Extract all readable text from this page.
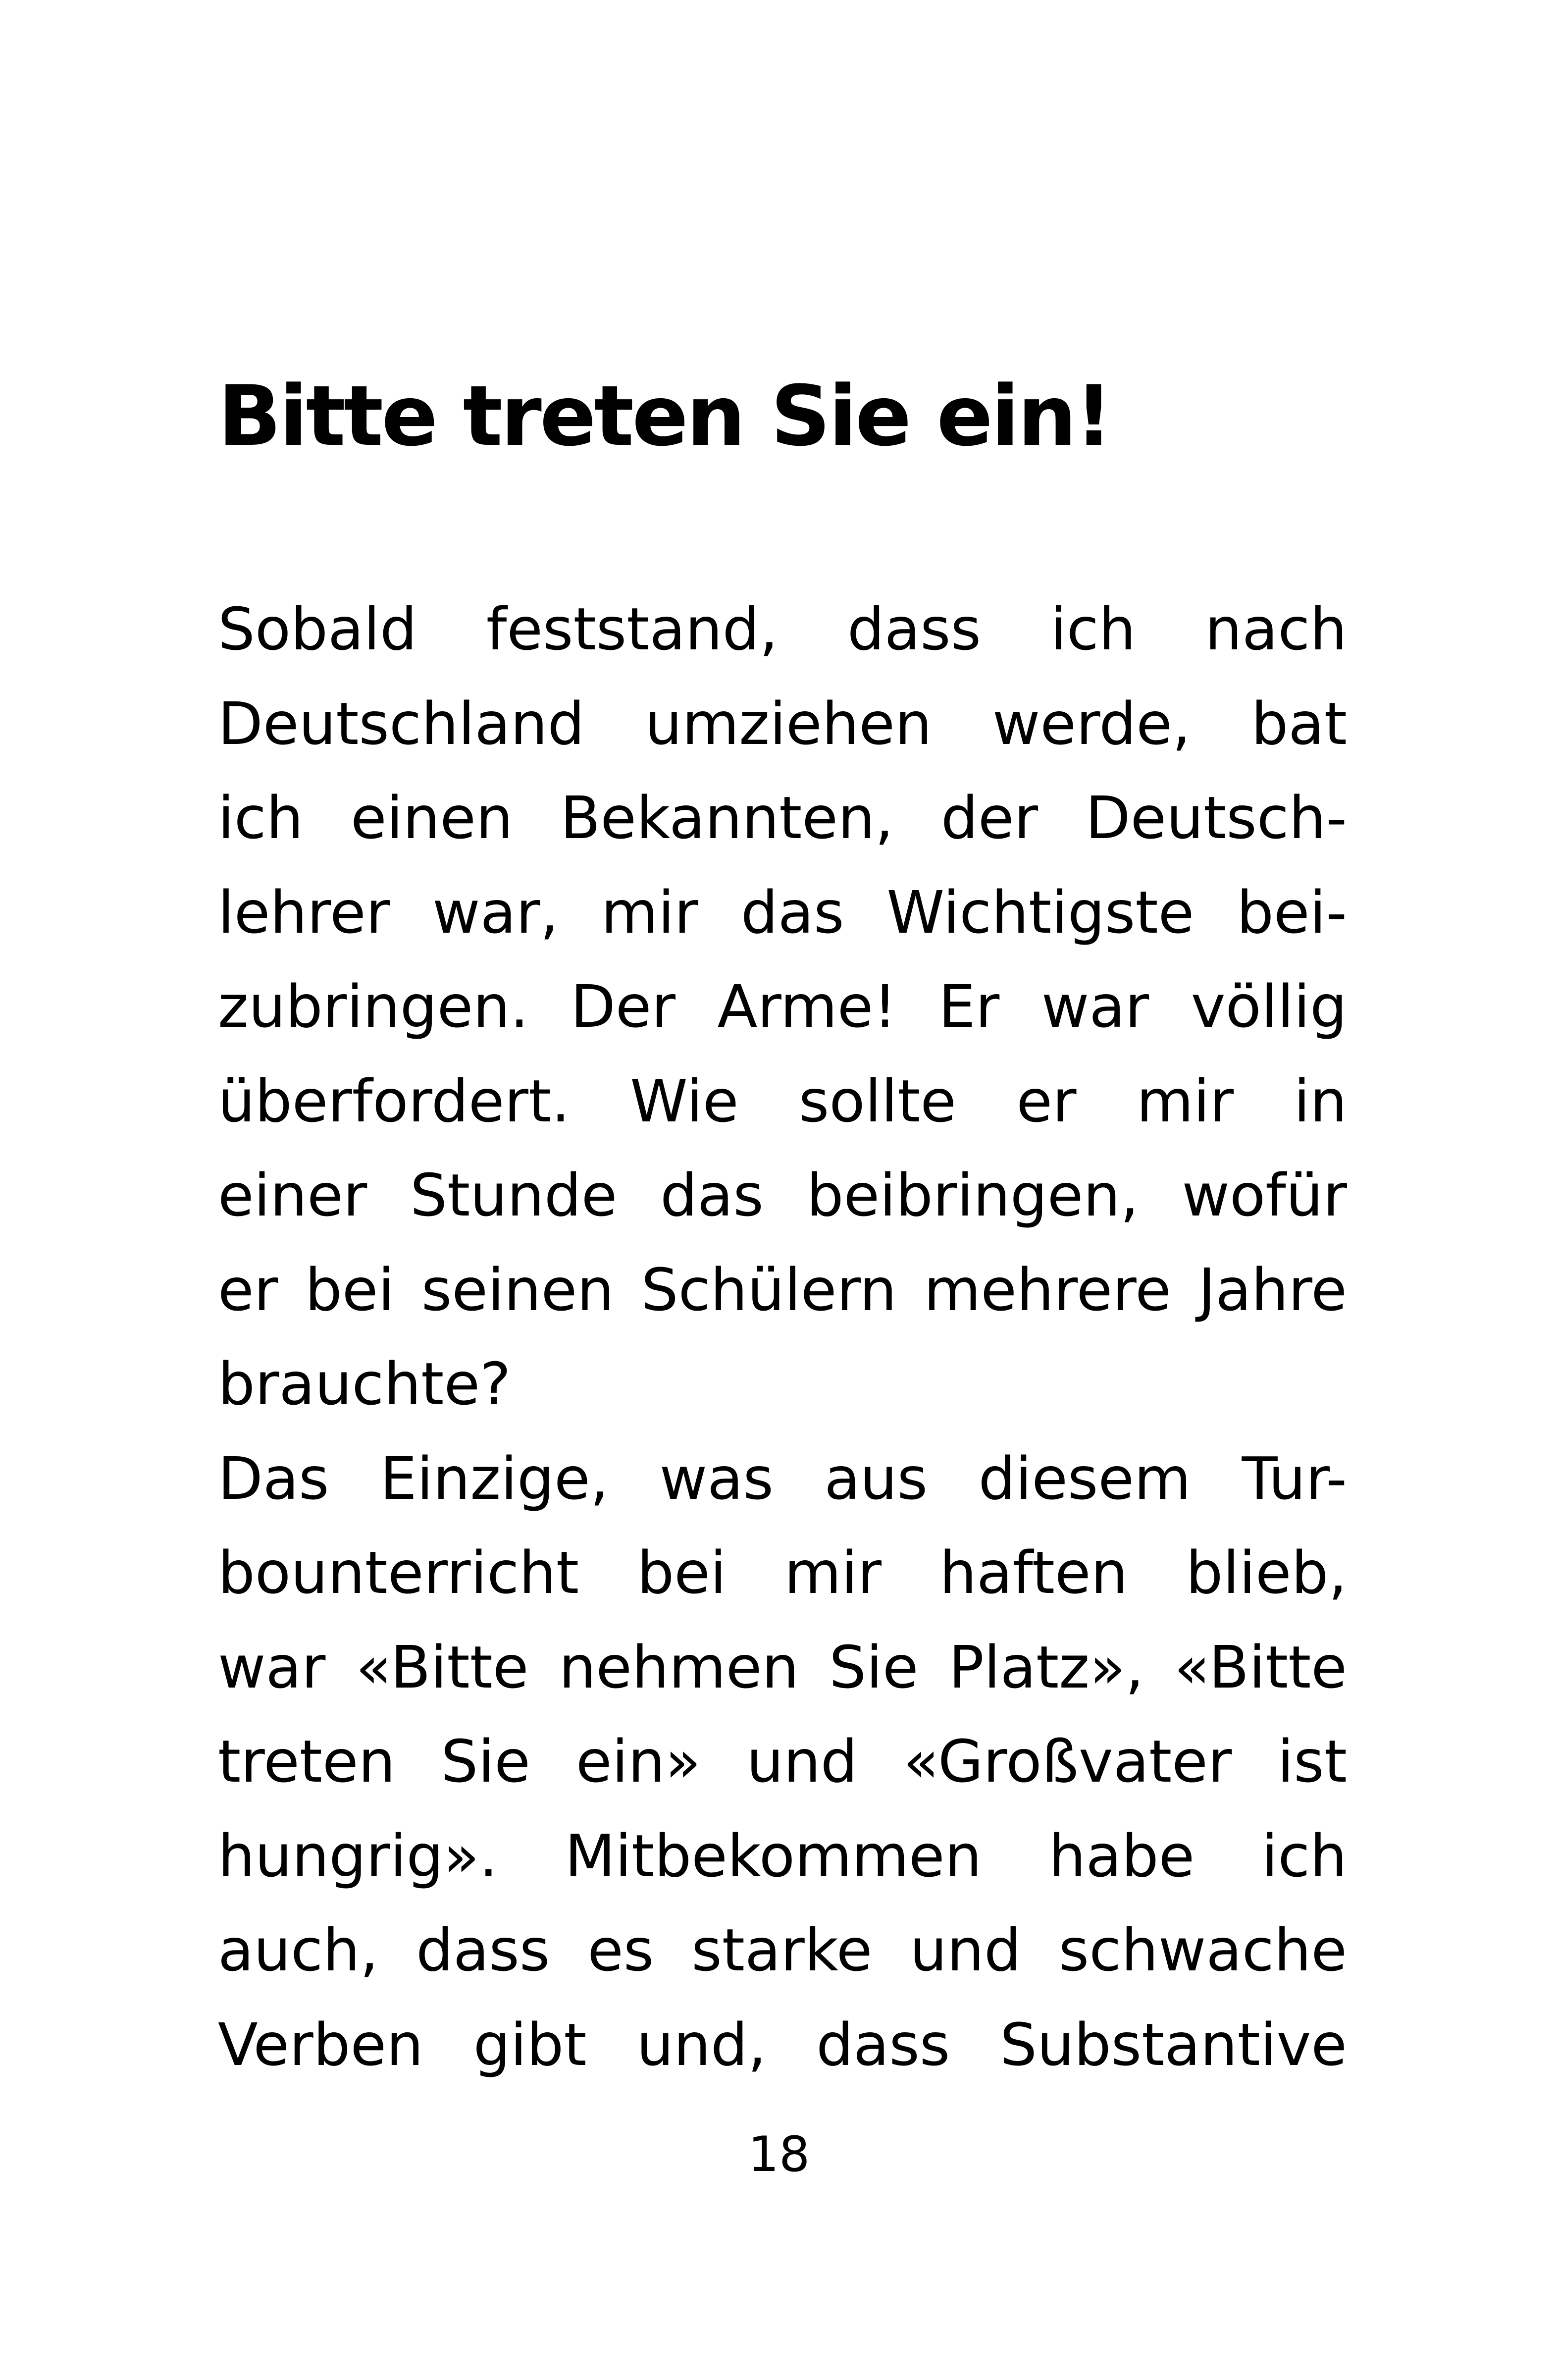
Bitte treten Sie ein!
Sobald feststand, dass ich nach
Deutschland umziehen werde, bat
ich einen Bekannten, der Deutsch-
lehrer war, mir das Wichtigste bei-
zubringen. Der Arme! Er war völlig
überfordert. Wie sollte er mir in
einer Stunde das beibringen, wofür
er bei seinen Schülern mehrere Jahre
brauchte?
Das Einzige, was aus diesem Tur-
bounterricht bei mir haften blieb,
war «Bitte nehmen Sie Platz», «Bitte
treten Sie ein» und «Großvater ist
hungrig». Mitbekommen habe ich
auch, dass es starke und schwache
Verben gibt und, dass Substantive
18
